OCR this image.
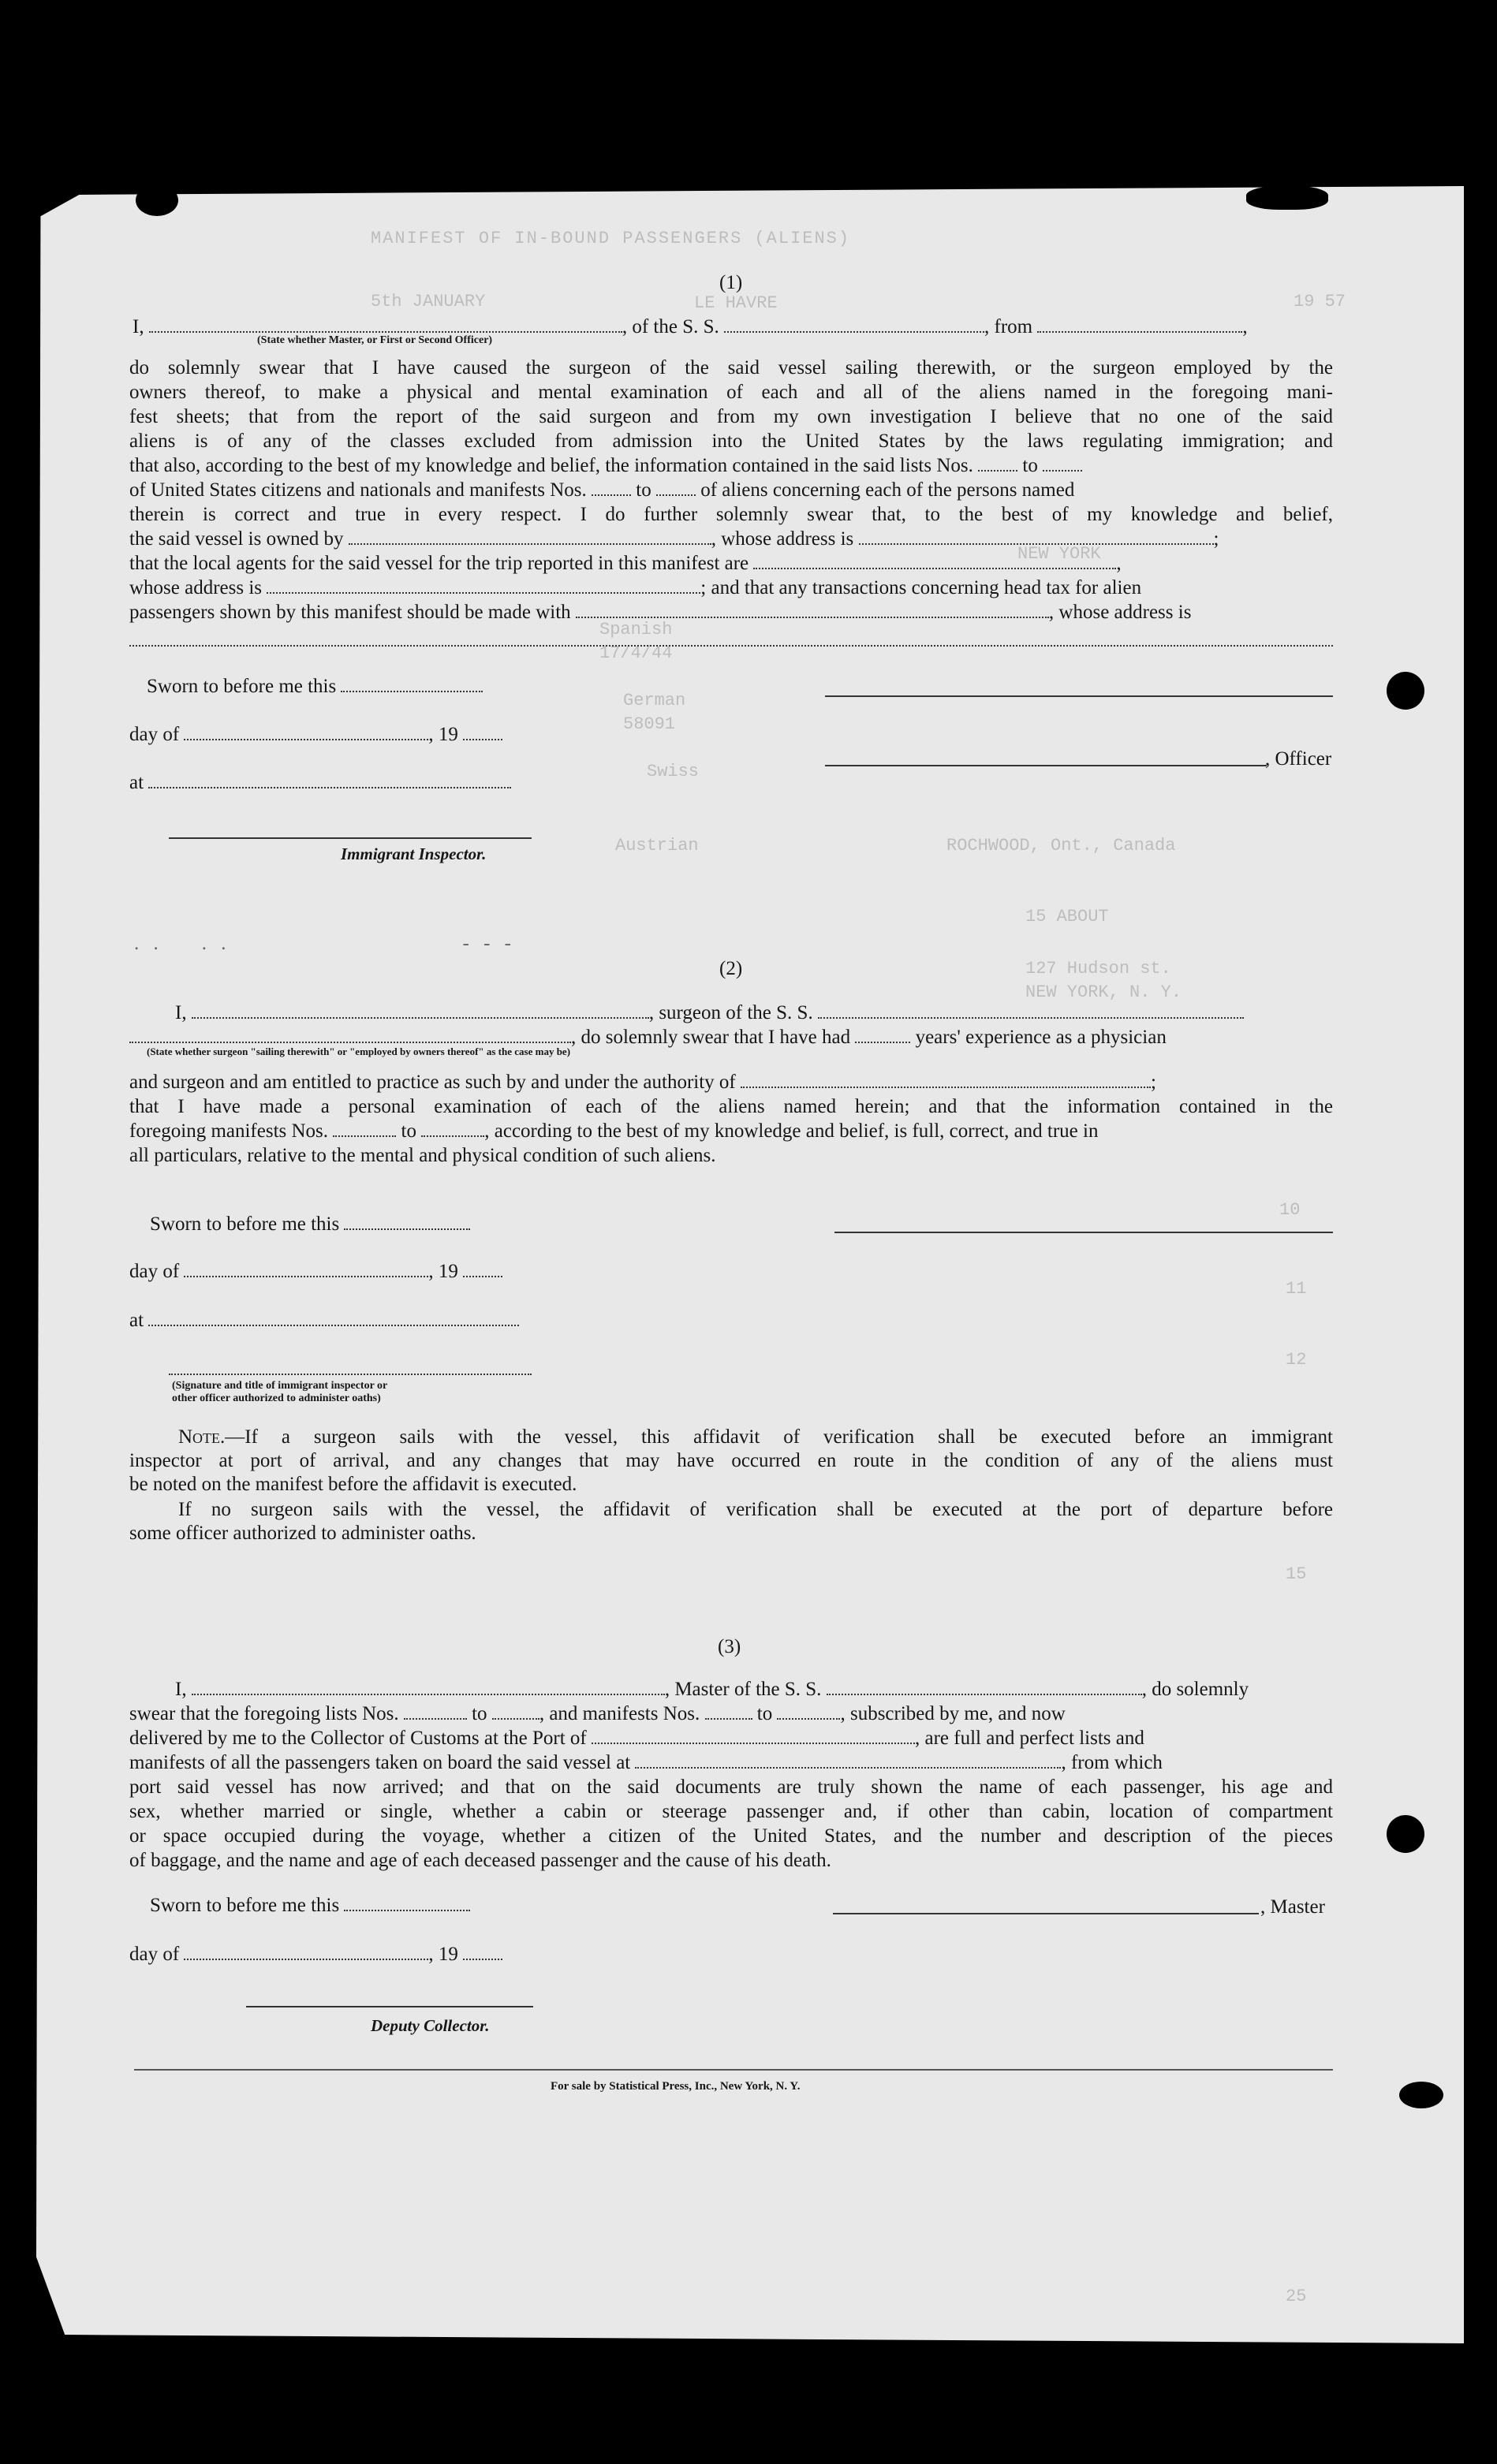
MANIFEST OF IN-BOUND PASSENGERS (ALIENS)
5th JANUARY	19 57
LE HAVRE
NEW YORK
Spanish
17/4/44
German
58091
Swiss
Austrian	ROCHWOOD, Ont., Canada
15 ABOUT
127 Hudson st.
NEW YORK, N. Y.
(1)
I,	, of the S. S.	, from	,
(State whether Master, or First or Second Officer)
do solemnly swear that I have caused the surgeon of the said vessel sailing therewith, or the surgeon employed by the
owners thereof, to make a physical and mental examination of each and all of the aliens named in the foregoing mani-
fest sheets; that from the report of the said surgeon and from my own investigation I believe that no one of the said
aliens is of any of the classes excluded from admission into the United States by the laws regulating immigration; and
that also, according to the best of my knowledge and belief, the information contained in the said lists Nos.	to
of United States citizens and nationals and manifests Nos.	to	of aliens concerning each of the persons named
therein is correct and true in every respect. I do further solemnly swear that, to the best of my knowledge and belief,
the said vessel is owned by	, whose address is	;
that the local agents for the said vessel for the trip reported in this manifest are	,
whose address is	; and that any transactions concerning head tax for alien
passengers shown by this manifest should be made with	, whose address is
Sworn to before me this
day of	, 19
at
, Officer
Immigrant Inspector.
. .    . .                        - - -
(2)
I,	, surgeon of the S. S.
, do solemnly swear that I have had	years' experience as a physician
(State whether surgeon "sailing therewith" or "employed by owners thereof" as the case may be)
and surgeon and am entitled to practice as such by and under the authority of	;
that I have made a personal examination of each of the aliens named herein; and that the information contained in the
foregoing manifests Nos.	to	, according to the best of my knowledge and belief, is full, correct, and true in
all particulars, relative to the mental and physical condition of such aliens.
Sworn to before me this
day of	, 19
at
(Signature and title of immigrant inspector or
other officer authorized to administer oaths)
Note.—If a surgeon sails with the vessel, this affidavit of verification shall be executed before an immigrant
inspector at port of arrival, and any changes that may have occurred en route in the condition of any of the aliens must
be noted on the manifest before the affidavit is executed.
If no surgeon sails with the vessel, the affidavit of verification shall be executed at the port of departure before
some officer authorized to administer oaths.
(3)
I,	, Master of the S. S.	, do solemnly
swear that the foregoing lists Nos.	to	, and manifests Nos.	to	, subscribed by me, and now
delivered by me to the Collector of Customs at the Port of	, are full and perfect lists and
manifests of all the passengers taken on board the said vessel at	, from which
port said vessel has now arrived; and that on the said documents are truly shown the name of each passenger, his age and
sex, whether married or single, whether a cabin or steerage passenger and, if other than cabin, location of compartment
or space occupied during the voyage, whether a citizen of the United States, and the number and description of the pieces
of baggage, and the name and age of each deceased passenger and the cause of his death.
Sworn to before me this	, Master
day of	, 19
Deputy Collector.
For sale by Statistical Press, Inc., New York, N. Y.
10
11
12
15
25
